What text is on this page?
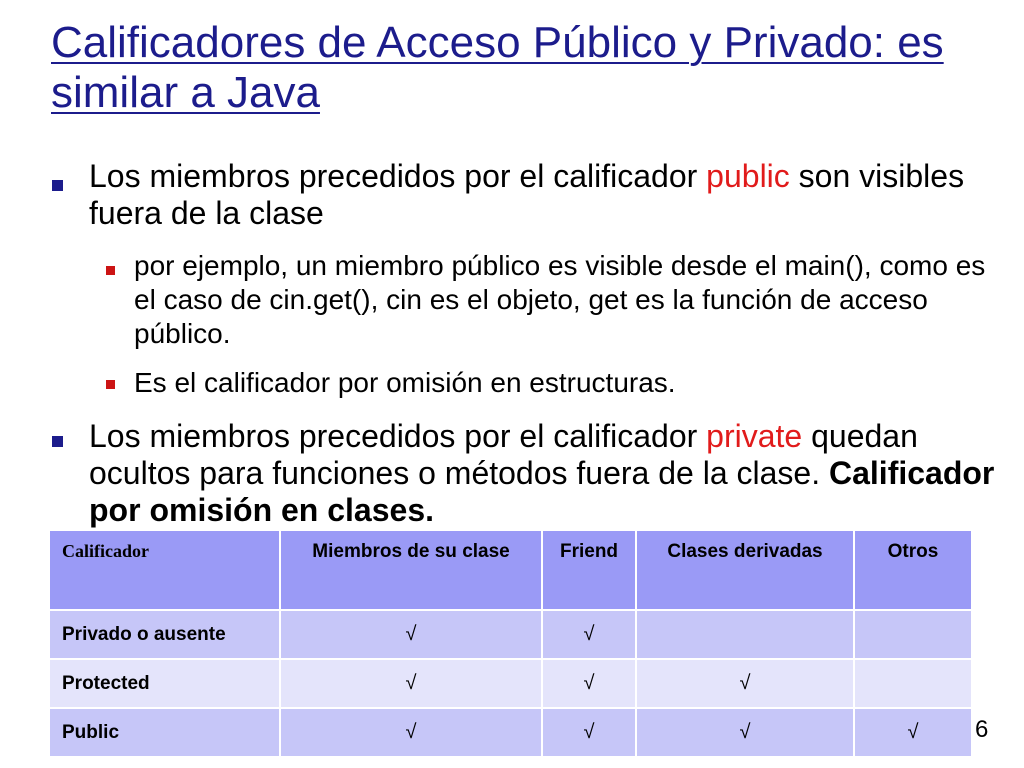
Calificadores de Acceso Público y Privado: es similar a Java
Los miembros precedidos por el calificador public son visibles fuera de la clase
por ejemplo, un miembro público es visible desde el main(), como es el caso de cin.get(), cin es el objeto, get es la función de acceso público.
Es el calificador por omisión en estructuras.
Los miembros precedidos por el calificador private quedan ocultos para funciones o métodos fuera de la clase. Calificador por omisión en clases.
Calificador	Miembros de su clase	Friend	Clases derivadas	Otros
Privado o ausente	√	√		
Protected	√	√	√	
Public	√	√	√	√ 6
